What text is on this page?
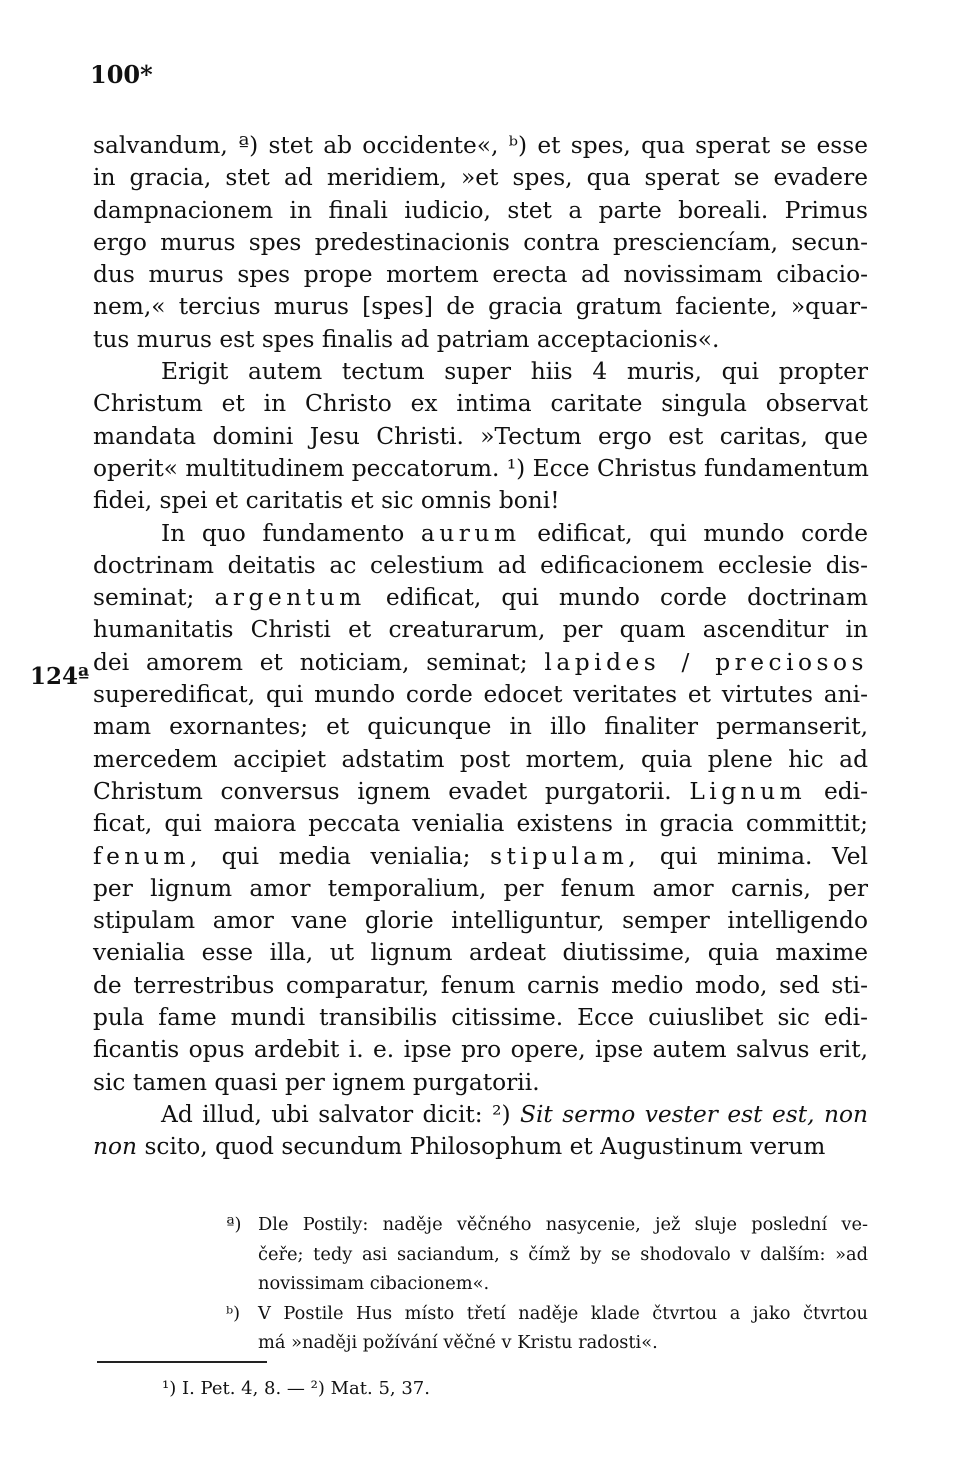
100*
124ª
salvandum, ª) stet ab occidente«, ᵇ) et spes, qua sperat se esse
in gracia, stet ad meridiem, »et spes, qua sperat se evadere
dampnacionem in finali iudicio, stet a parte boreali. Primus
ergo murus spes predestinacionis contra presciencíam, secun-
dus murus spes prope mortem erecta ad novissimam cibacio-
nem,« tercius murus [spes] de gracia gratum faciente, »quar-
tus murus est spes finalis ad patriam acceptacionis«.
Erigit autem tectum super hiis 4 muris, qui propter
Christum et in Christo ex intima caritate singula observat
mandata domini Jesu Christi. »Tectum ergo est caritas, que
operit« multitudinem peccatorum. ¹) Ecce Christus fundamentum
fidei, spei et caritatis et sic omnis boni!
In quo fundamento aurum edificat, qui mundo corde
doctrinam deitatis ac celestium ad edificacionem ecclesie dis-
seminat; argentum edificat, qui mundo corde doctrinam
humanitatis Christi et creaturarum, per quam ascenditur in
dei amorem et noticiam, seminat; lapides / preciosos
superedificat, qui mundo corde edocet veritates et virtutes ani-
mam exornantes; et quicunque in illo finaliter permanserit,
mercedem accipiet adstatim post mortem, quia plene hic ad
Christum conversus ignem evadet purgatorii. Lignum edi-
ficat, qui maiora peccata venialia existens in gracia committit;
fenum, qui media venialia; stipulam, qui minima. Vel
per lignum amor temporalium, per fenum amor carnis, per
stipulam amor vane glorie intelliguntur, semper intelligendo
venialia esse illa, ut lignum ardeat diutissime, quia maxime
de terrestribus comparatur, fenum carnis medio modo, sed sti-
pula fame mundi transibilis citissime. Ecce cuiuslibet sic edi-
ficantis opus ardebit i. e. ipse pro opere, ipse autem salvus erit,
sic tamen quasi per ignem purgatorii.
Ad illud, ubi salvator dicit: ²) Sit sermo vester est est, non
non scito, quod secundum Philosophum et Augustinum verum
ª) Dle Postily: naděje věčného nasycenie, jež sluje poslední ve-
čeře; tedy asi saciandum, s čímž by se shodovalo v dalším: »ad
novissimam cibacionem«.
ᵇ) V Postile Hus místo třetí naděje klade čtvrtou a jako čtvrtou
má »naději požívání věčné v Kristu radosti«.
¹) I. Pet. 4, 8. — ²) Mat. 5, 37.
